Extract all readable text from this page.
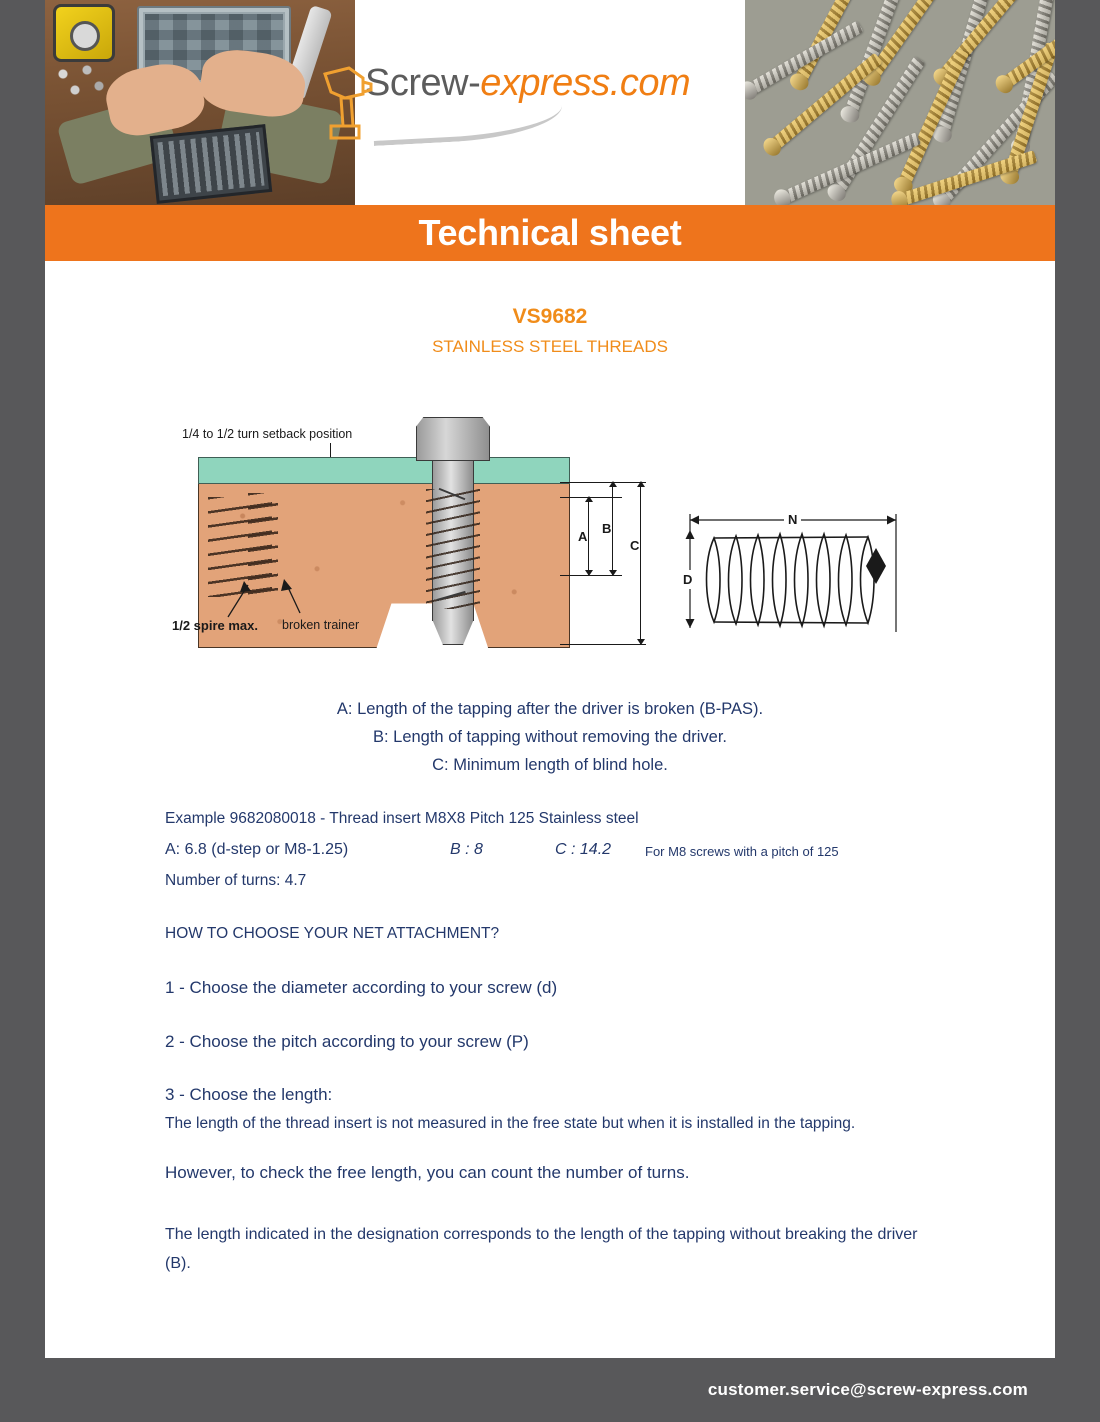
Screw-express.com
Technical sheet
VS9682
STAINLESS STEEL THREADS
1/4 to 1/2 turn setback position
1/2 spire max. broken trainer
A
B
C
N
D
A: Length of the tapping after the driver is broken (B-PAS).
B: Length of tapping without removing the driver.
C: Minimum length of blind hole.
Example 9682080018 - Thread insert M8X8 Pitch 125 Stainless steel
A: 6.8 (d-step or M8-1.25)	B : 8	C : 14.2	For M8 screws with a pitch of 125
Number of turns: 4.7
HOW TO CHOOSE YOUR NET ATTACHMENT?
1 - Choose the diameter according to your screw (d)
2 - Choose the pitch according to your screw (P)
3 - Choose the length:
The length of the thread insert is not measured in the free state but when it is installed in the tapping.
However, to check the free length, you can count the number of turns.
The length indicated in the designation corresponds to the length of the tapping without breaking the driver (B).
customer.service@screw-express.com
